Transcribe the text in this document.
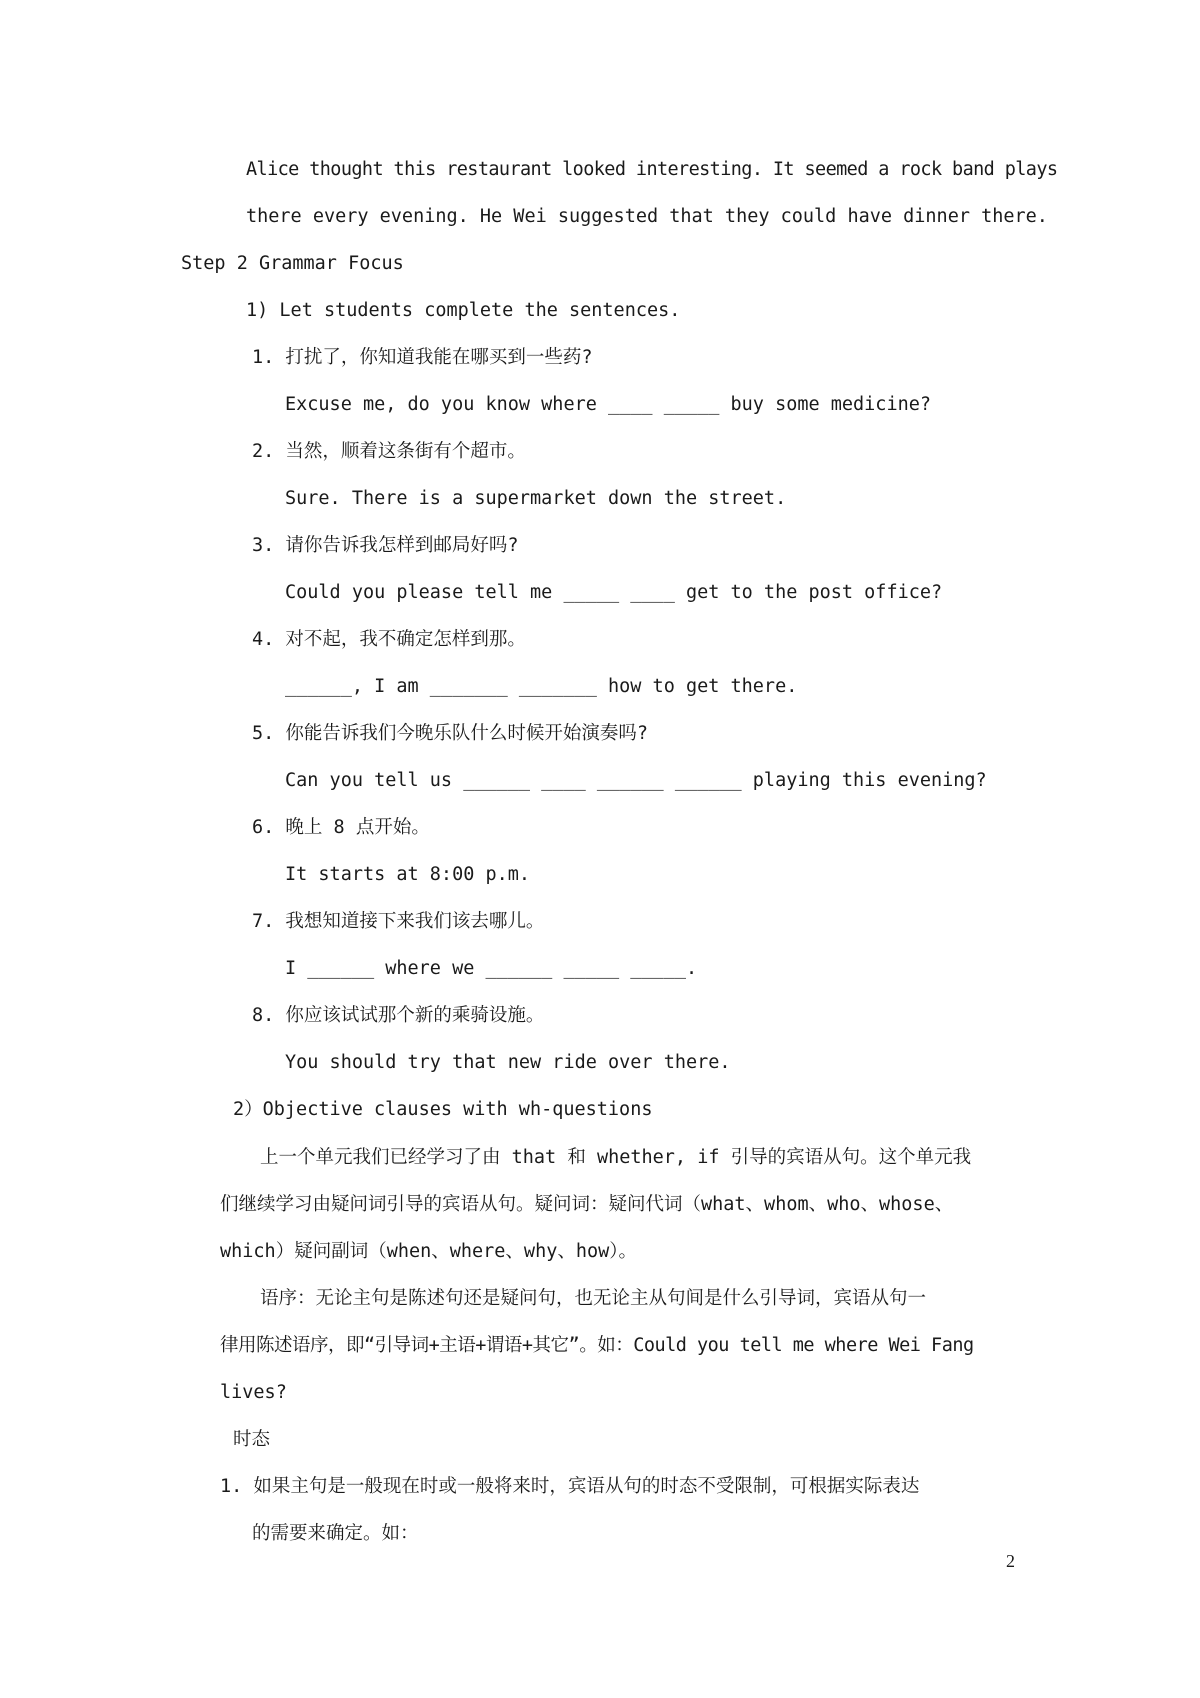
Alice thought this restaurant looked interesting. It seemed a rock band plays
there every evening. He Wei suggested that they could have dinner there.
Step 2 Grammar Focus
1) Let students complete the sentences.
1. 打扰了，你知道我能在哪买到一些药?
Excuse me, do you know where ____ _____ buy some medicine?
2. 当然，顺着这条街有个超市。
Sure. There is a supermarket down the street.
3. 请你告诉我怎样到邮局好吗?
Could you please tell me _____ ____ get to the post office?
4. 对不起，我不确定怎样到那。
______, I am _______ _______ how to get there.
5. 你能告诉我们今晚乐队什么时候开始演奏吗?
Can you tell us ______ ____ ______ ______ playing this evening?
6. 晚上 8 点开始。
It starts at 8:00 p.m.
7. 我想知道接下来我们该去哪儿。
I ______ where we ______ _____ _____.
8. 你应该试试那个新的乘骑设施。
You should try that new ride over there.
2）Objective clauses with wh-questions
上一个单元我们已经学习了由 that 和 whether, if 引导的宾语从句。这个单元我
们继续学习由疑问词引导的宾语从句。疑问词：疑问代词（what、whom、who、whose、
which）疑问副词（when、where、why、how）。
语序：无论主句是陈述句还是疑问句，也无论主从句间是什么引导词，宾语从句一
律用陈述语序，即“引导词+主语+谓语+其它”。如：Could you tell me where Wei Fang
lives?
时态
1. 如果主句是一般现在时或一般将来时，宾语从句的时态不受限制，可根据实际表达
的需要来确定。如：
2
